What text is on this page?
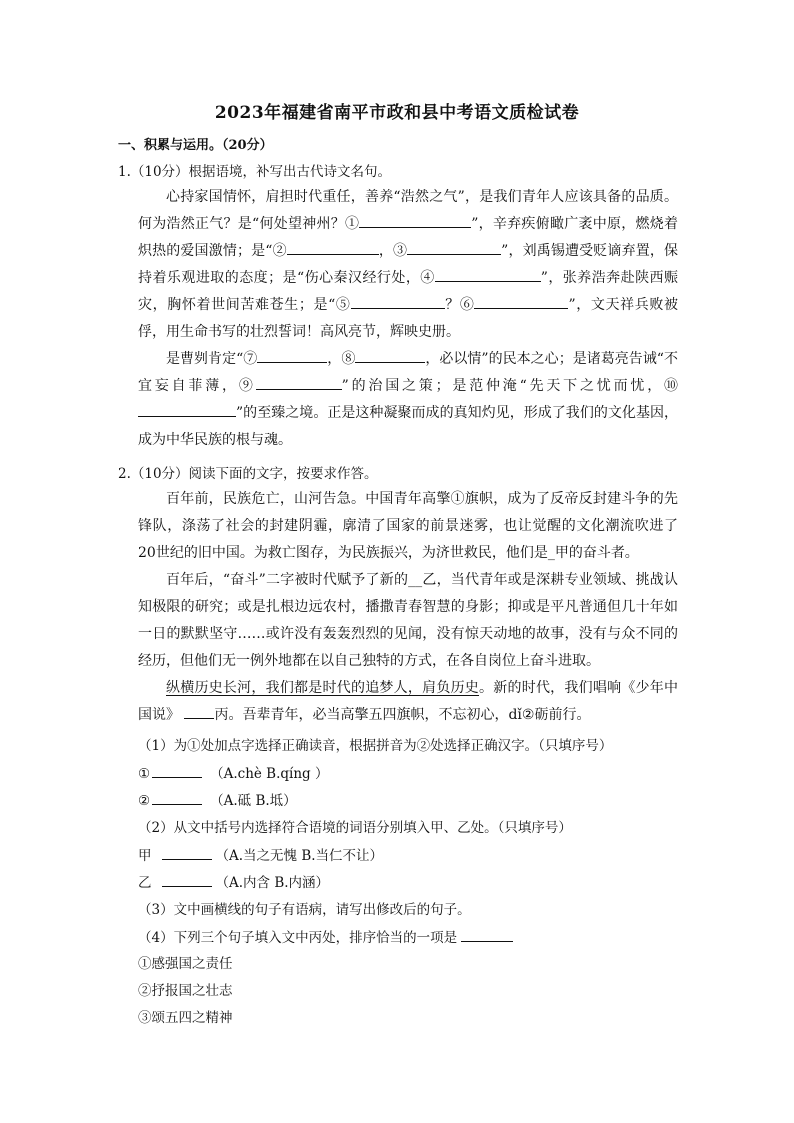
2023年福建省南平市政和县中考语文质检试卷
一、积累与运用。（20分）
1.（10分）根据语境，补写出古代诗文名句。

心持家国情怀，肩担时代重任，善养“浩然之气”，是我们青年人应该具备的品质。何为浩然正气？是“何处望神州？①	”，辛弃疾俯瞰广袤中原，燃烧着炽热的爱国激情；是“②	，③	”，刘禹锡遭受贬谪弃置，保持着乐观进取的态度；是“伤心秦汉经行处，④	”，张养浩奔赴陕西赈灾，胸怀着世间苦难苍生；是“⑤	？⑥	”，文天祥兵败被俘，用生命书写的壮烈誓词！高风亮节，辉映史册。

是曹刿肯定“⑦	，⑧	，必以情”的民本之心；是诸葛亮告诫“不宜妄自菲薄，⑨	”的治国之策；是范仲淹“先天下之忧而忧，⑩”的至臻之境。正是这种凝聚而成的真知灼见，形成了我们的文化基因，成为中华民族的根与魂。

2.（10分）阅读下面的文字，按要求作答。

百年前，民族危亡，山河告急。中国青年高擎①旗帜，成为了反帝反封建斗争的先锋队，涤荡了社会的封建阴霾，廓清了国家的前景迷雾，也让觉醒的文化潮流吹进了 20世纪的旧中国。为救亡图存，为民族振兴，为济世救民，他们是_甲的奋斗者。

百年后，“奋斗”二字被时代赋予了新的__乙，当代青年或是深耕专业领域、挑战认知极限的研究；或是扎根边远农村，播撒青春智慧的身影；抑或是平凡普通但几十年如一日的默默坚守……或许没有轰轰烈烈的见闻，没有惊天动地的故事，没有与众不同的经历，但他们无一例外地都在以自己独特的方式，在各自岗位上奋斗进取。

纵横历史长河，我们都是时代的追梦人，肩负历史。新的时代，我们唱响《少年中国说》 丙。吾辈青年，必当高擎五四旗帜，不忘初心，dǐ②砺前行。

（1）为①处加点字选择正确读音，根据拼音为②处选择正确汉字。（只填序号）
①	（A.chè B.qíng ）
②	（A.砥 B.坻）
（2）从文中括号内选择符合语境的词语分别填入甲、乙处。（只填序号）
甲	（A.当之无愧 B.当仁不让）
乙	（A.内含 B.内涵）
（3）文中画横线的句子有语病，请写出修改后的句子。
（4）下列三个句子填入文中丙处，排序恰当的一项是
①感强国之责任
②抒报国之壮志
③颂五四之精神
